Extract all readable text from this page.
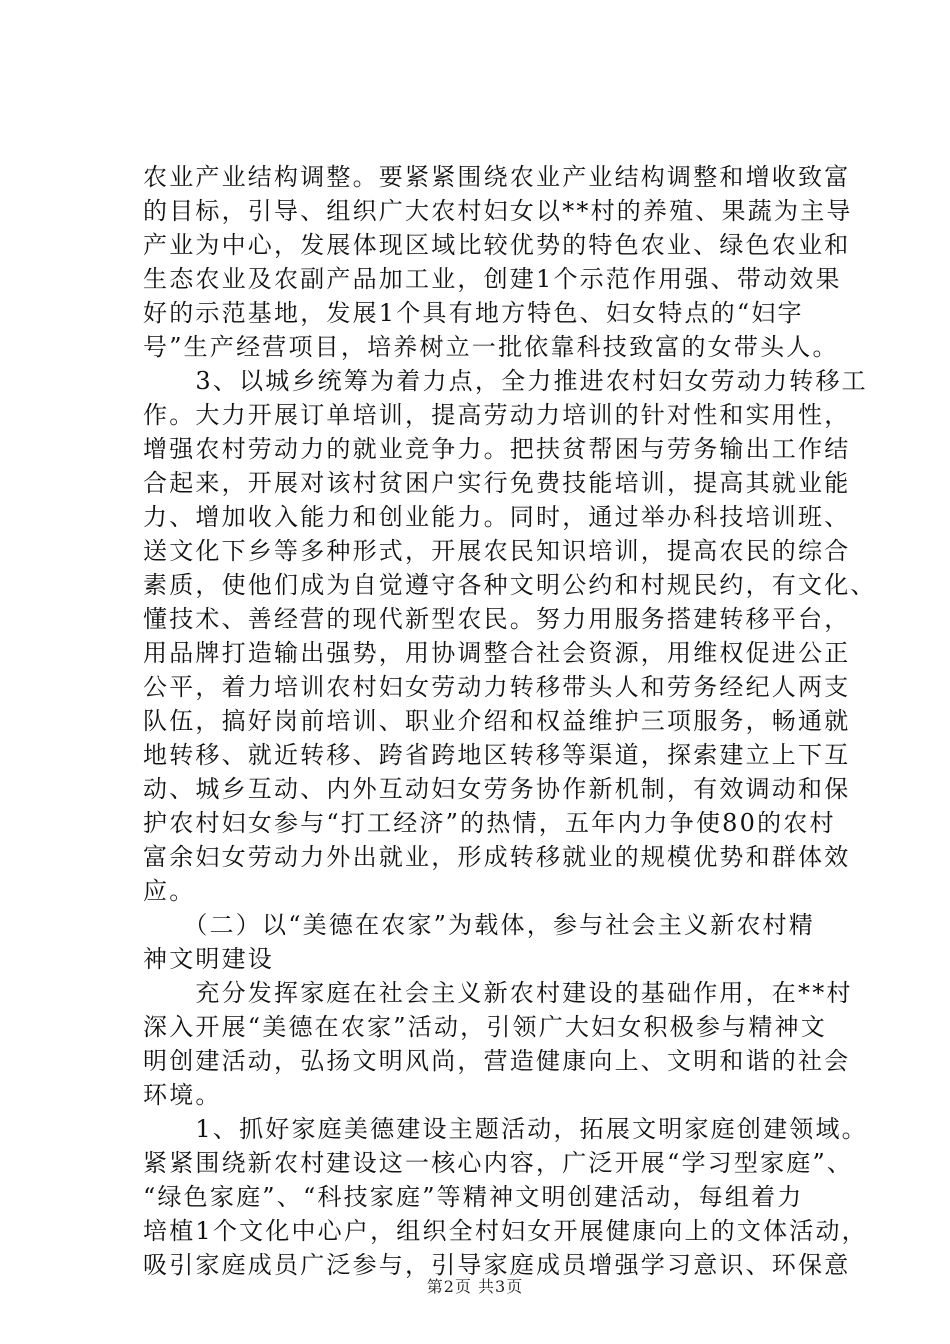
农业产业结构调整。要紧紧围绕农业产业结构调整和增收致富
的目标，引导、组织广大农村妇女以**村的养殖、果蔬为主导
产业为中心，发展体现区域比较优势的特色农业、绿色农业和
生态农业及农副产品加工业，创建1个示范作用强、带动效果
好的示范基地，发展1个具有地方特色、妇女特点的“妇字
号”生产经营项目，培养树立一批依靠科技致富的女带头人。
　　3、以城乡统筹为着力点，全力推进农村妇女劳动力转移工
作。大力开展订单培训，提高劳动力培训的针对性和实用性，
增强农村劳动力的就业竞争力。把扶贫帮困与劳务输出工作结
合起来，开展对该村贫困户实行免费技能培训，提高其就业能
力、增加收入能力和创业能力。同时，通过举办科技培训班、
送文化下乡等多种形式，开展农民知识培训，提高农民的综合
素质，使他们成为自觉遵守各种文明公约和村规民约，有文化、
懂技术、善经营的现代新型农民。努力用服务搭建转移平台，
用品牌打造输出强势，用协调整合社会资源，用维权促进公正
公平，着力培训农村妇女劳动力转移带头人和劳务经纪人两支
队伍，搞好岗前培训、职业介绍和权益维护三项服务，畅通就
地转移、就近转移、跨省跨地区转移等渠道，探索建立上下互
动、城乡互动、内外互动妇女劳务协作新机制，有效调动和保
护农村妇女参与“打工经济”的热情，五年内力争使80的农村
富余妇女劳动力外出就业，形成转移就业的规模优势和群体效
应。
　　（二）以“美德在农家”为载体，参与社会主义新农村精
神文明建设
　　充分发挥家庭在社会主义新农村建设的基础作用，在**村
深入开展“美德在农家”活动，引领广大妇女积极参与精神文
明创建活动，弘扬文明风尚，营造健康向上、文明和谐的社会
环境。
　　1、抓好家庭美德建设主题活动，拓展文明家庭创建领域。
紧紧围绕新农村建设这一核心内容，广泛开展“学习型家庭”、
“绿色家庭”、“科技家庭”等精神文明创建活动，每组着力
培植1个文化中心户，组织全村妇女开展健康向上的文体活动，
吸引家庭成员广泛参与，引导家庭成员增强学习意识、环保意
第2页 共3页
